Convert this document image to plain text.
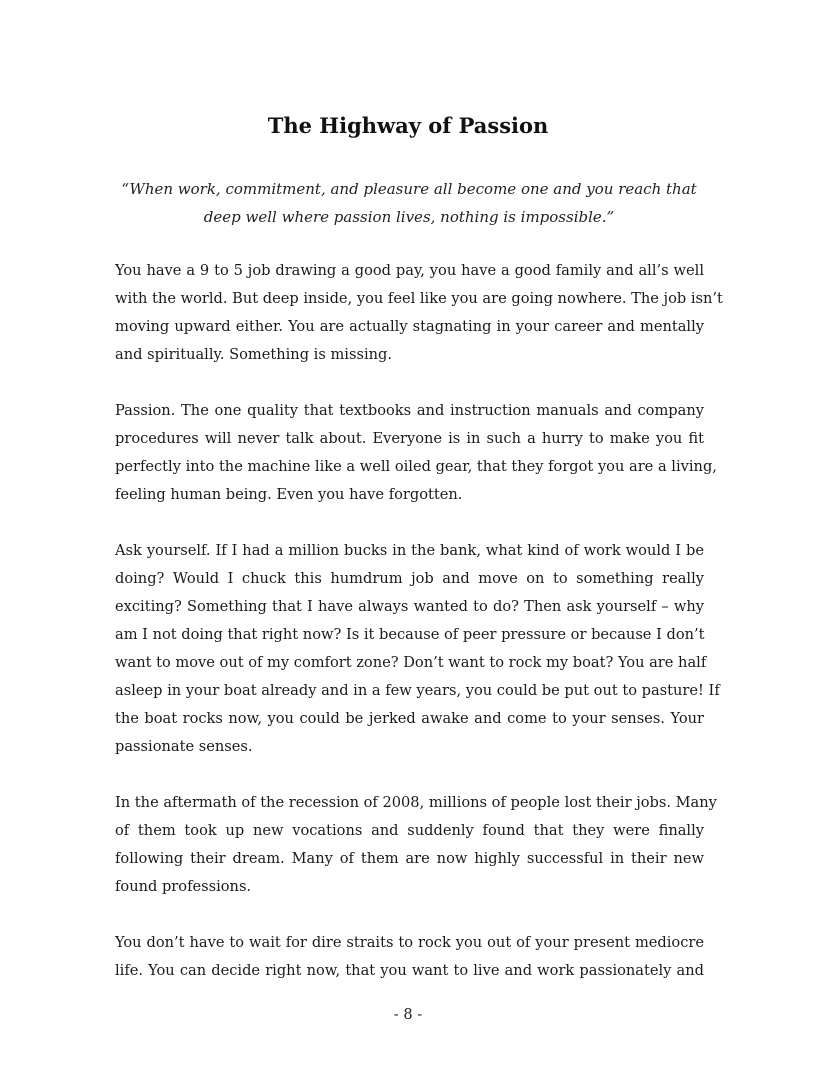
The Highway of Passion

“When work, commitment, and pleasure all become one and you reach that
deep well where passion lives, nothing is impossible.”

You have a 9 to 5 job drawing a good pay, you have a good family and all’s well
with the world. But deep inside, you feel like you are going nowhere. The job isn’t
moving upward either. You are actually stagnating in your career and mentally
and spiritually. Something is missing.

Passion. The one quality that textbooks and instruction manuals and company
procedures will never talk about. Everyone is in such a hurry to make you fit
perfectly into the machine like a well oiled gear, that they forgot you are a living,
feeling human being. Even you have forgotten.

Ask yourself. If I had a million bucks in the bank, what kind of work would I be
doing? Would I chuck this humdrum job and move on to something really
exciting? Something that I have always wanted to do? Then ask yourself – why
am I not doing that right now? Is it because of peer pressure or because I don’t
want to move out of my comfort zone? Don’t want to rock my boat? You are half
asleep in your boat already and in a few years, you could be put out to pasture! If
the boat rocks now, you could be jerked awake and come to your senses. Your
passionate senses.

In the aftermath of the recession of 2008, millions of people lost their jobs. Many
of them took up new vocations and suddenly found that they were finally
following their dream. Many of them are now highly successful in their new
found professions.

You don’t have to wait for dire straits to rock you out of your present mediocre
life. You can decide right now, that you want to live and work passionately and

- 8 -
